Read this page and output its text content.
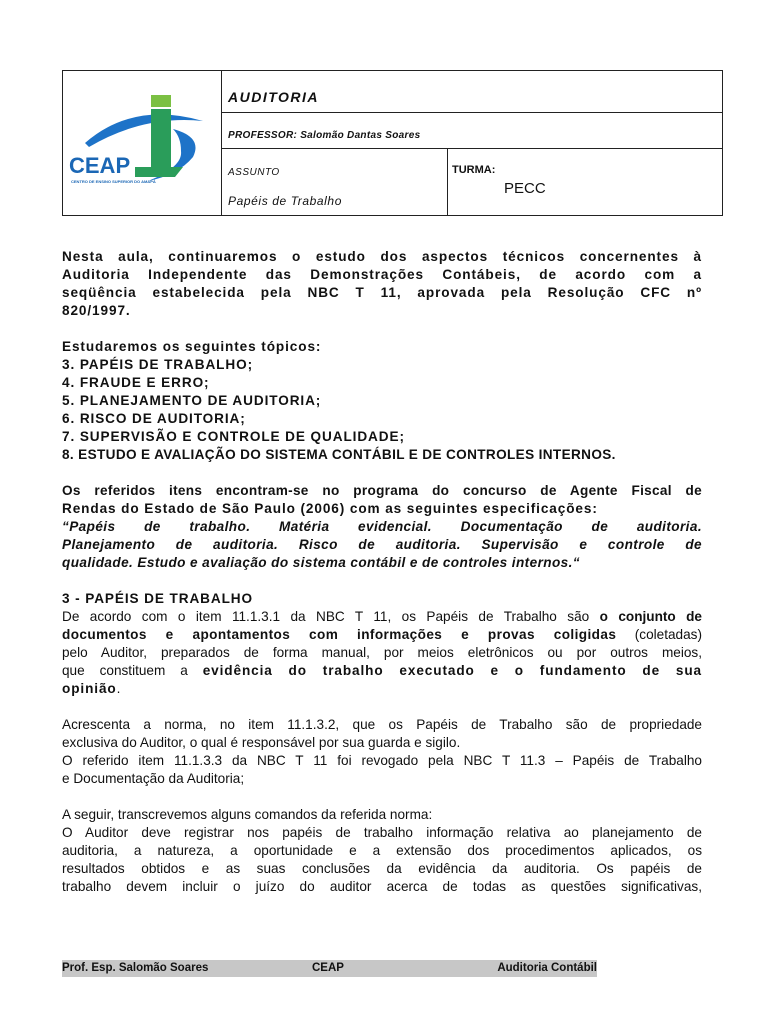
CEAP
CENTRO DE ENSINO SUPERIOR DO AMAPÁ
AUDITORIA
PROFESSOR: Salomão Dantas Soares
ASSUNTO
Papéis de Trabalho
TURMA:
PECC

Nesta aula, continuaremos o estudo dos aspectos técnicos concernentes à

Auditoria Independente das Demonstrações Contábeis, de acordo com a

seqüência estabelecida pela NBC T 11, aprovada pela Resolução CFC nº

820/1997.

Estudaremos os seguintes tópicos:

3. PAPÉIS DE TRABALHO;

4. FRAUDE E ERRO;

5. PLANEJAMENTO DE AUDITORIA;

6. RISCO DE AUDITORIA;

7. SUPERVISÃO E CONTROLE DE QUALIDADE;

8. ESTUDO E AVALIAÇÃO DO SISTEMA CONTÁBIL E DE CONTROLES INTERNOS.

Os referidos itens encontram-se no programa do concurso de Agente Fiscal de

Rendas do Estado de São Paulo (2006) com as seguintes especificações:

“Papéis de trabalho. Matéria evidencial. Documentação de auditoria.

Planejamento de auditoria. Risco de auditoria. Supervisão e controle de

qualidade. Estudo e avaliação do sistema contábil e de controles internos.“

3 - PAPÉIS DE TRABALHO

De acordo com o item 11.1.3.1 da NBC T 11, os Papéis de Trabalho são o conjunto de

documentos e apontamentos com informações e provas coligidas (coletadas)

pelo Auditor, preparados de forma manual, por meios eletrônicos ou por outros meios,

que constituem a evidência do trabalho executado e o fundamento de sua

opinião.

Acrescenta a norma, no item 11.1.3.2, que os Papéis de Trabalho são de propriedade

exclusiva do Auditor, o qual é responsável por sua guarda e sigilo.

O referido item 11.1.3.3 da NBC T 11 foi revogado pela NBC T 11.3 – Papéis de Trabalho

e Documentação da Auditoria;

A seguir, transcrevemos alguns comandos da referida norma:

O Auditor deve registrar nos papéis de trabalho informação relativa ao planejamento de

auditoria, a natureza, a oportunidade e a extensão dos procedimentos aplicados, os

resultados obtidos e as suas conclusões da evidência da auditoria. Os papéis de

trabalho devem incluir o juízo do auditor acerca de todas as questões significativas,

Prof. Esp. Salomão Soares	CEAP	Auditoria Contábil
